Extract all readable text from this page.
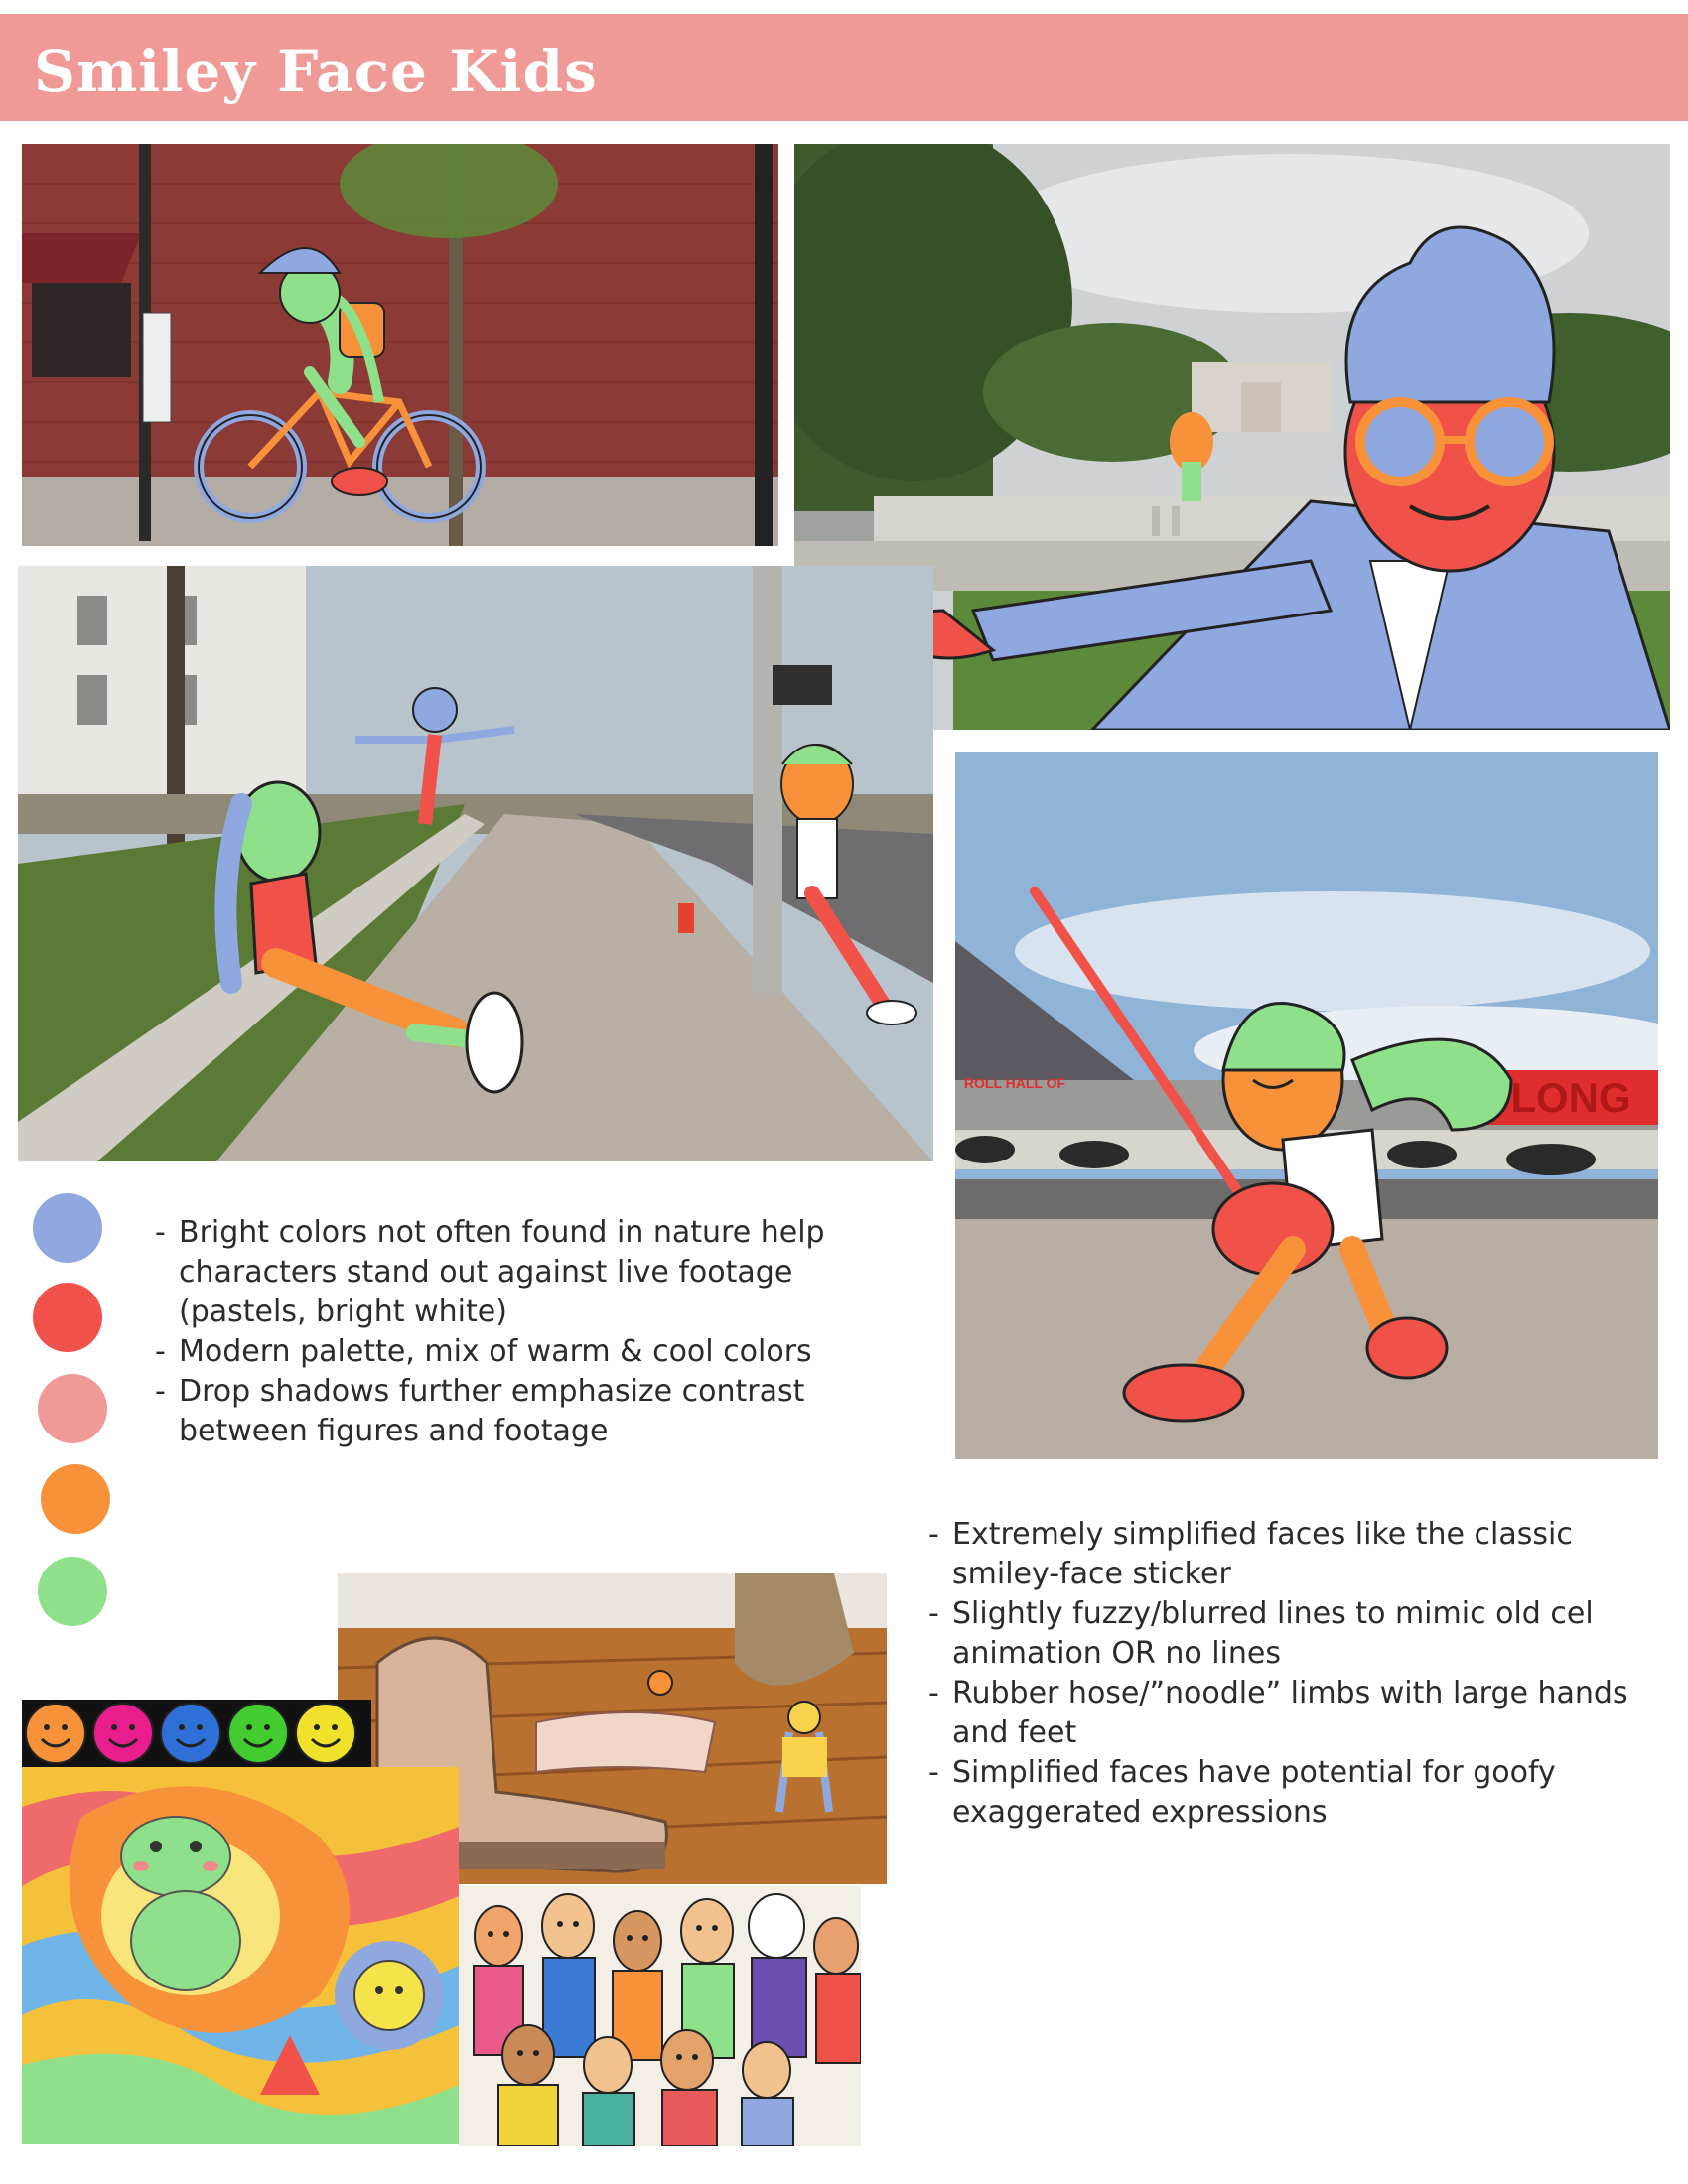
Smiley Face Kids
LONG
ROLL HALL OF
- Bright colors not often found in nature help characters stand out against live footage (pastels, bright white)
- Modern palette, mix of warm & cool colors
- Drop shadows further emphasize contrast between figures and footage
- Extremely simplified faces like the classic smiley-face sticker
- Slightly fuzzy/blurred lines to mimic old cel animation OR no lines
- Rubber hose/”noodle” limbs with large hands and feet
- Simplified faces have potential for goofy exaggerated expressions
